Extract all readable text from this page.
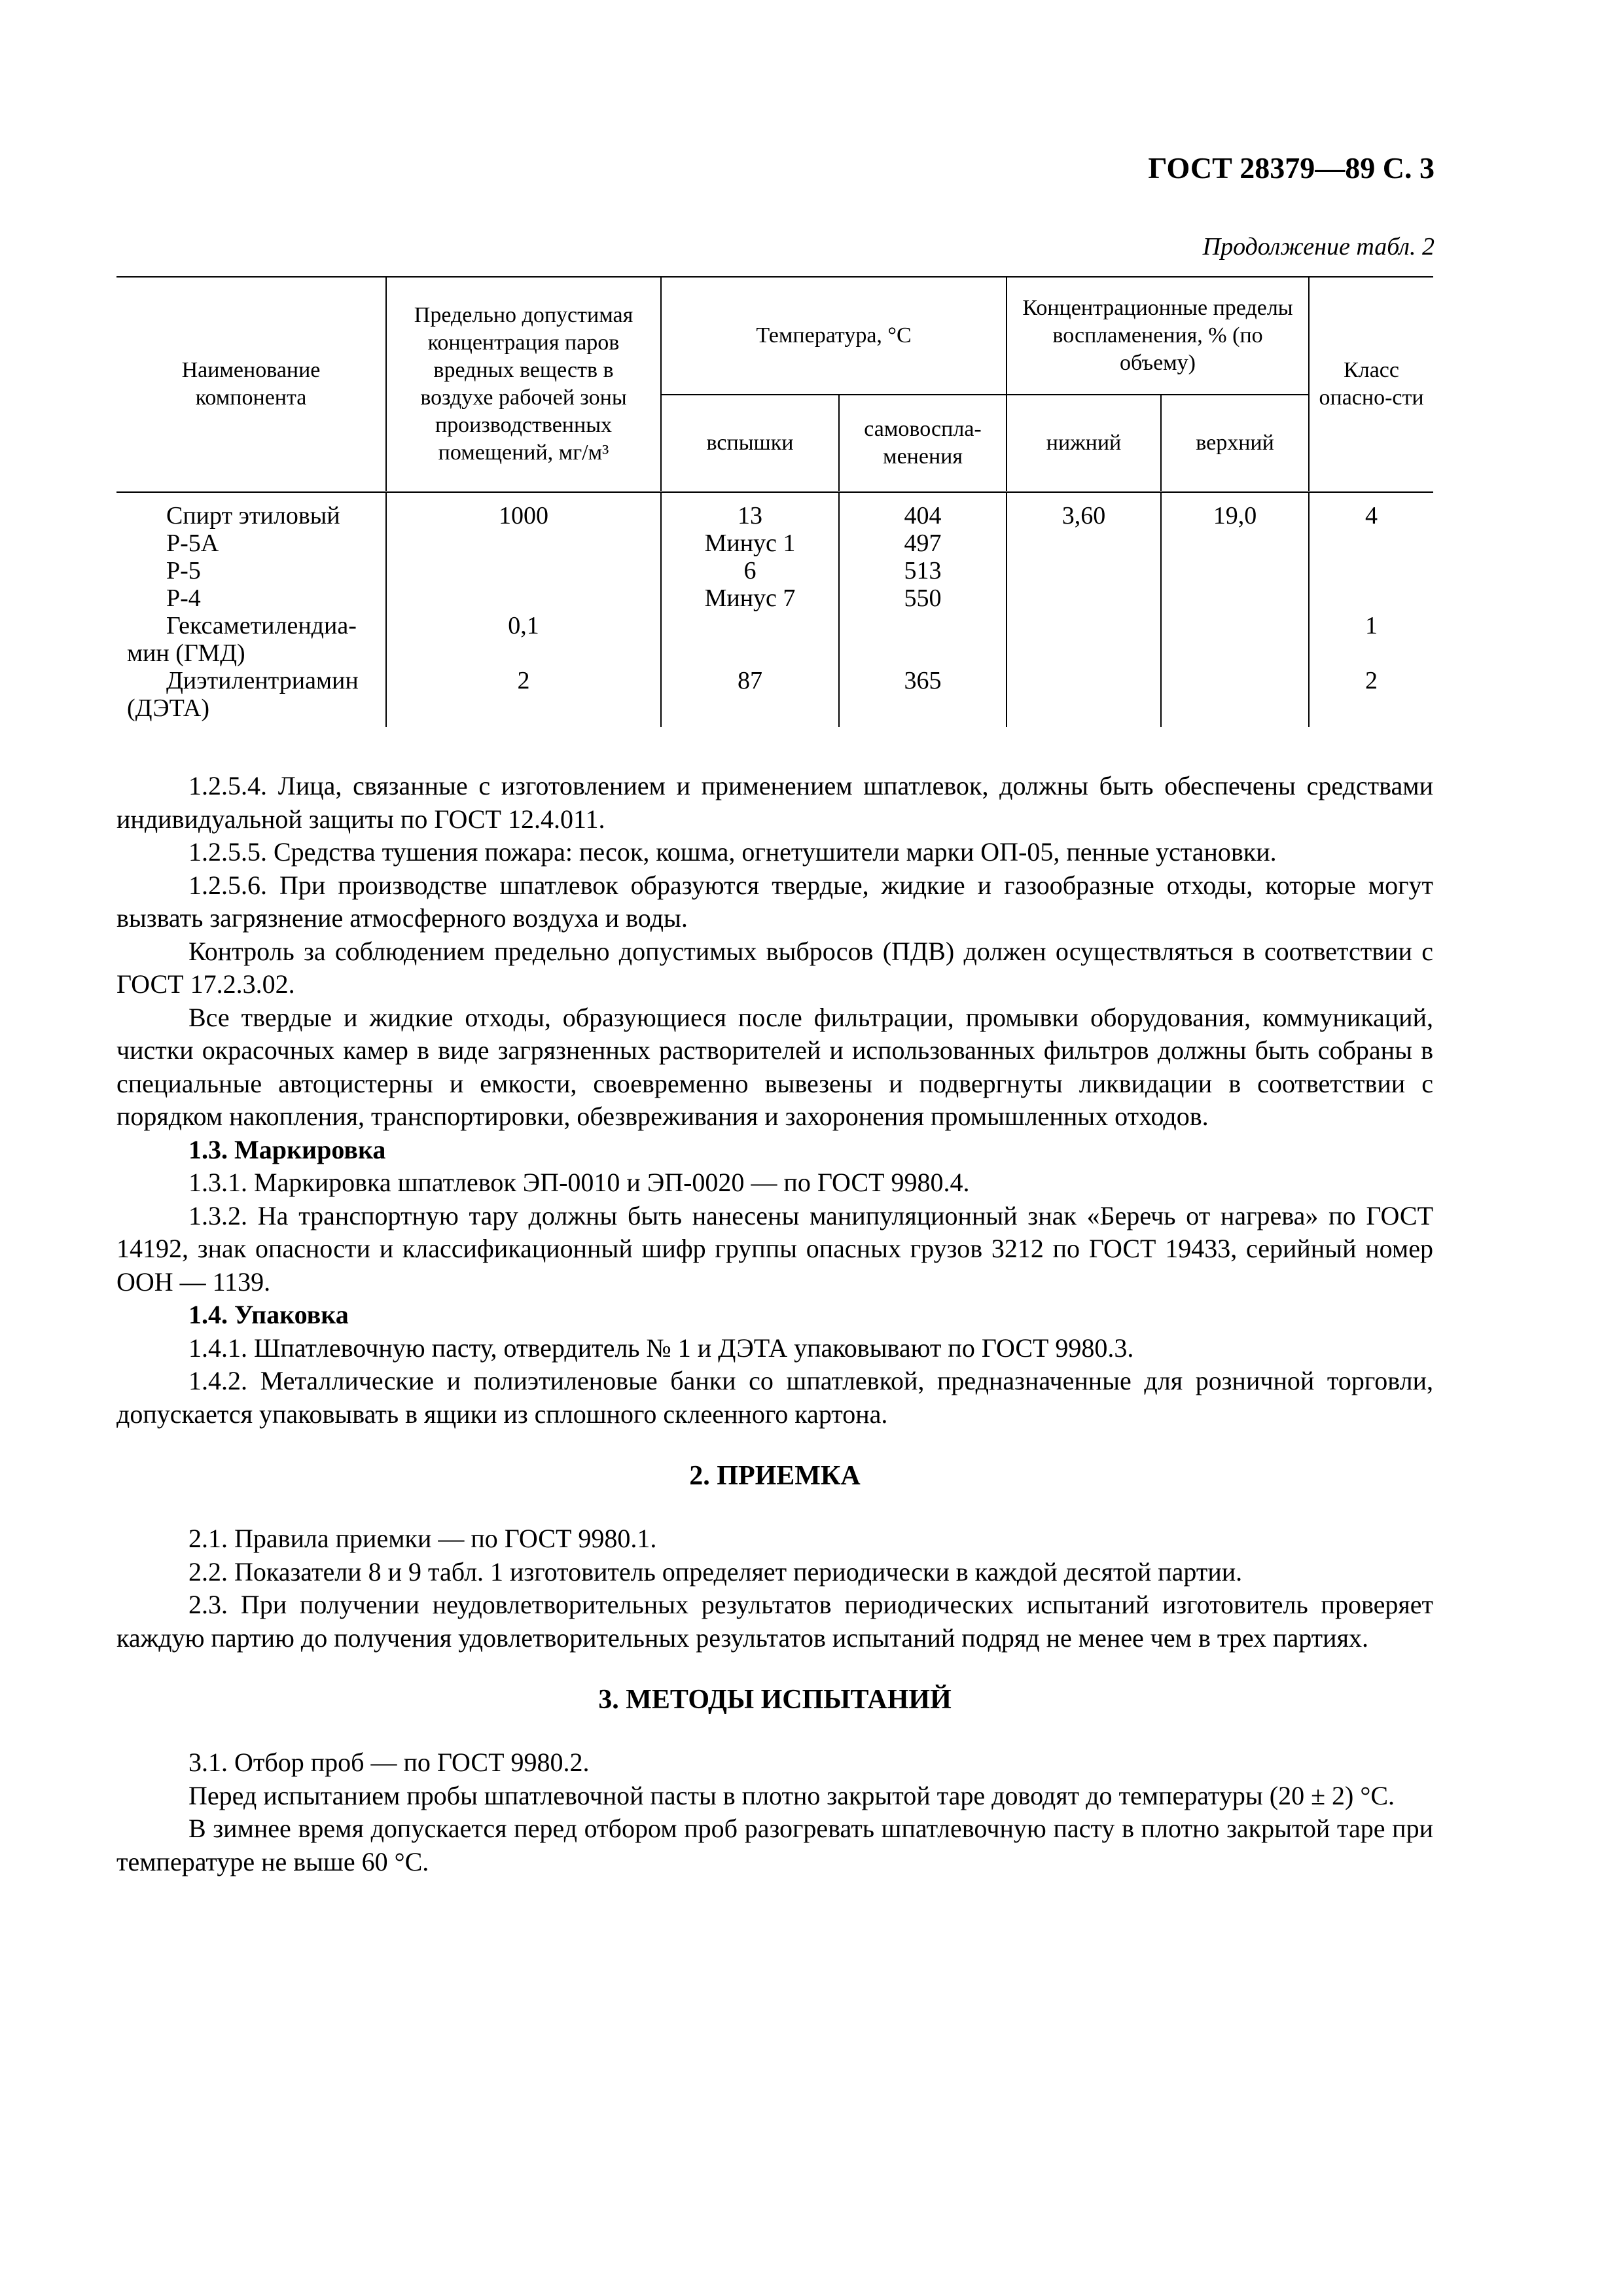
ГОСТ 28379—89 С. 3
Продолжение табл. 2
Наименование компонента	Предельно допустимая концентрация паров вредных веществ в воздухе рабочей зоны производственных помещений, мг/м³	Температура, °С		Концентрационные пределы воспламенения, % (по объему)		Класс опасно-сти
		вспышки	самовоспла-менения	нижний	верхний	

Спирт этиловый	1000	13	404	3,60	19,0	4

Р-5А		Минус 1	497			

Р-5		6	513			

Р-4		Минус 7	550			

Гексаметилендиа-
мин (ГМД)	0,1					1

Диэтилентриамин
(ДЭТА)	2	87	365			2

1.2.5.4. Лица, связанные с изготовлением и применением шпатлевок, должны быть обеспечены средствами индивидуальной защиты по ГОСТ 12.4.011.

1.2.5.5. Средства тушения пожара: песок, кошма, огнетушители марки ОП-05, пенные установки.

1.2.5.6. При производстве шпатлевок образуются твердые, жидкие и газообразные отходы, которые могут вызвать загрязнение атмосферного воздуха и воды.

Контроль за соблюдением предельно допустимых выбросов (ПДВ) должен осуществляться в соответствии с ГОСТ 17.2.3.02.

Все твердые и жидкие отходы, образующиеся после фильтрации, промывки оборудования, коммуникаций, чистки окрасочных камер в виде загрязненных растворителей и использованных фильтров должны быть собраны в специальные автоцистерны и емкости, своевременно вывезены и подвергнуты ликвидации в соответствии с порядком накопления, транспортировки, обезвреживания и захоронения промышленных отходов.

1.3. Маркировка

1.3.1. Маркировка шпатлевок ЭП-0010 и ЭП-0020 — по ГОСТ 9980.4.

1.3.2. На транспортную тару должны быть нанесены манипуляционный знак «Беречь от нагрева» по ГОСТ 14192, знак опасности и классификационный шифр группы опасных грузов 3212 по ГОСТ 19433, серийный номер ООН — 1139.

1.4. Упаковка

1.4.1. Шпатлевочную пасту, отвердитель № 1 и ДЭТА упаковывают по ГОСТ 9980.3.

1.4.2. Металлические и полиэтиленовые банки со шпатлевкой, предназначенные для розничной торговли, допускается упаковывать в ящики из сплошного склеенного картона.

2. ПРИЕМКА

2.1. Правила приемки — по ГОСТ 9980.1.

2.2. Показатели 8 и 9 табл. 1 изготовитель определяет периодически в каждой десятой партии.

2.3. При получении неудовлетворительных результатов периодических испытаний изготовитель проверяет каждую партию до получения удовлетворительных результатов испытаний подряд не менее чем в трех партиях.

3. МЕТОДЫ ИСПЫТАНИЙ

3.1. Отбор проб — по ГОСТ 9980.2.

Перед испытанием пробы шпатлевочной пасты в плотно закрытой таре доводят до температуры (20 ± 2) °С.

В зимнее время допускается перед отбором проб разогревать шпатлевочную пасту в плотно закрытой таре при температуре не выше 60 °С.
